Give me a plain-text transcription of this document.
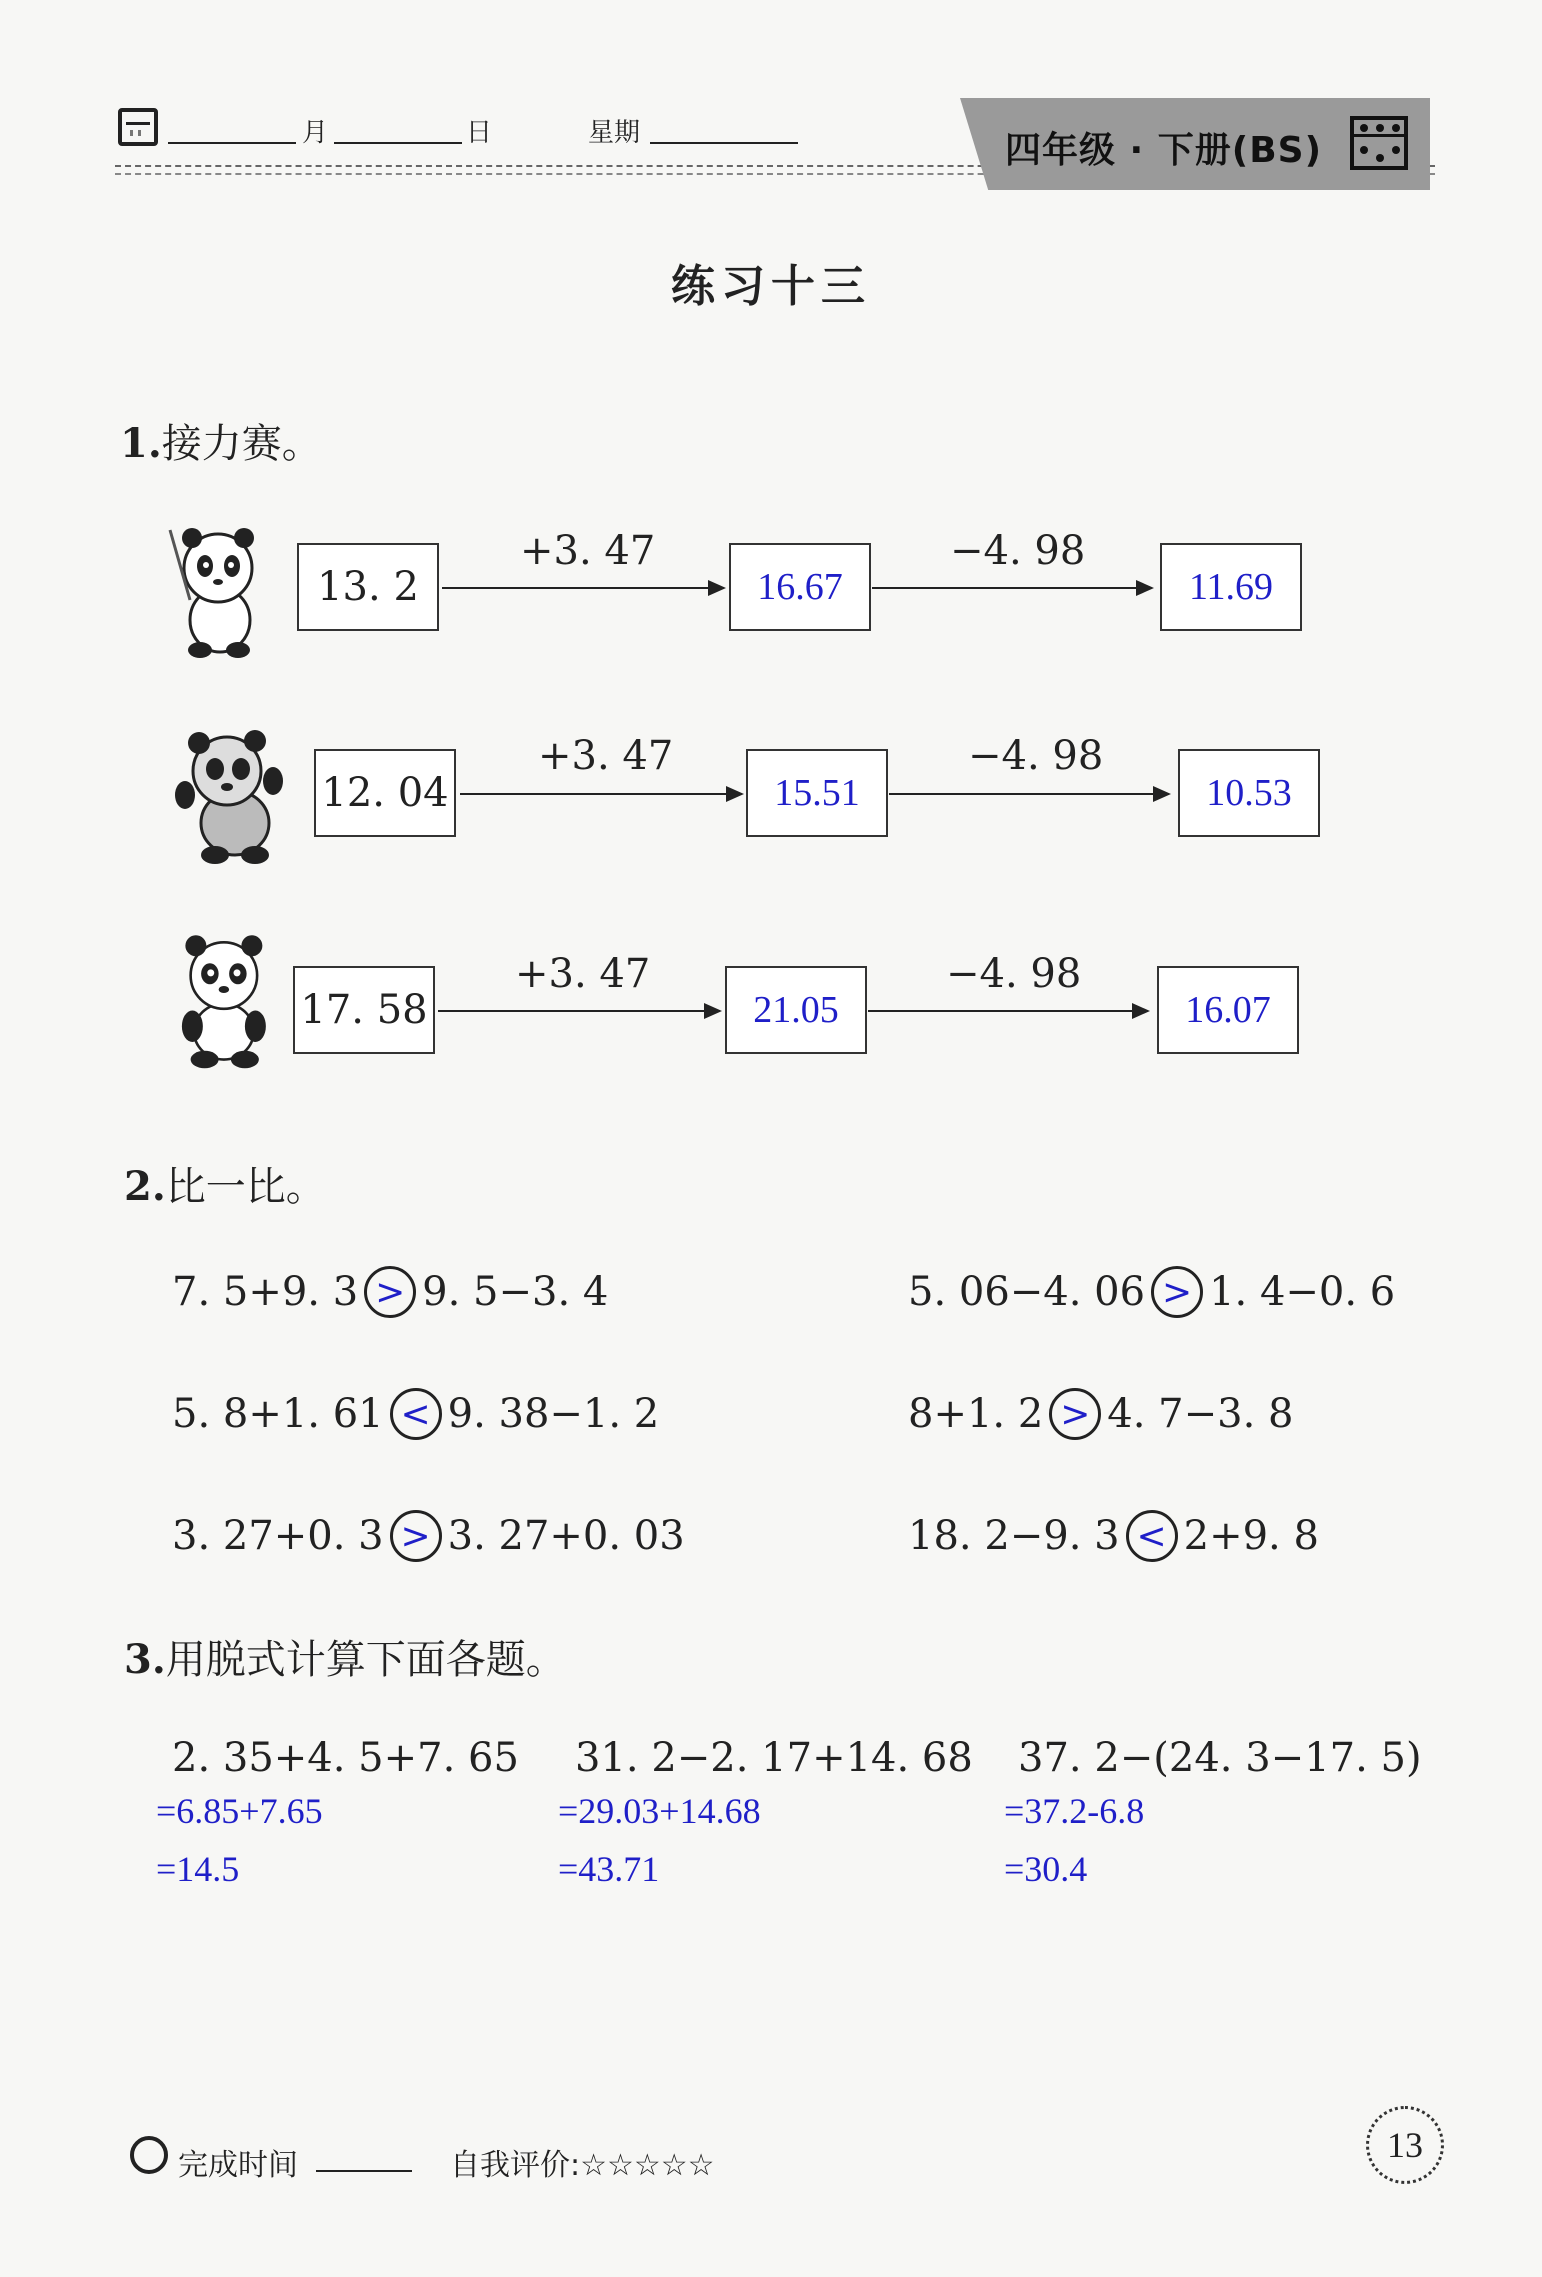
月	日	星期	四年级 · 下册(BS)
练习十三
1.接力赛。
13. 2
+3. 47
16.67
−4. 98
11.69
12. 04
+3. 47
15.51
−4. 98
10.53
17. 58
+3. 47
21.05
−4. 98
16.07
2.比一比。
7. 5+9. 3 > 9. 5−3. 4	5. 06−4. 06 > 1. 4−0. 6
5. 8+1. 61 < 9. 38−1. 2	8+1. 2 > 4. 7−3. 8
3. 27+0. 3 > 3. 27+0. 03	18. 2−9. 3 < 2+9. 8
3.用脱式计算下面各题。
2. 35+4. 5+7. 65
=6.85+7.65
=14.5
31. 2−2. 17+14. 68
=29.03+14.68
=43.71
37. 2−(24. 3−17. 5)
=37.2-6.8
=30.4
完成时间	自我评价:☆☆☆☆☆
13
